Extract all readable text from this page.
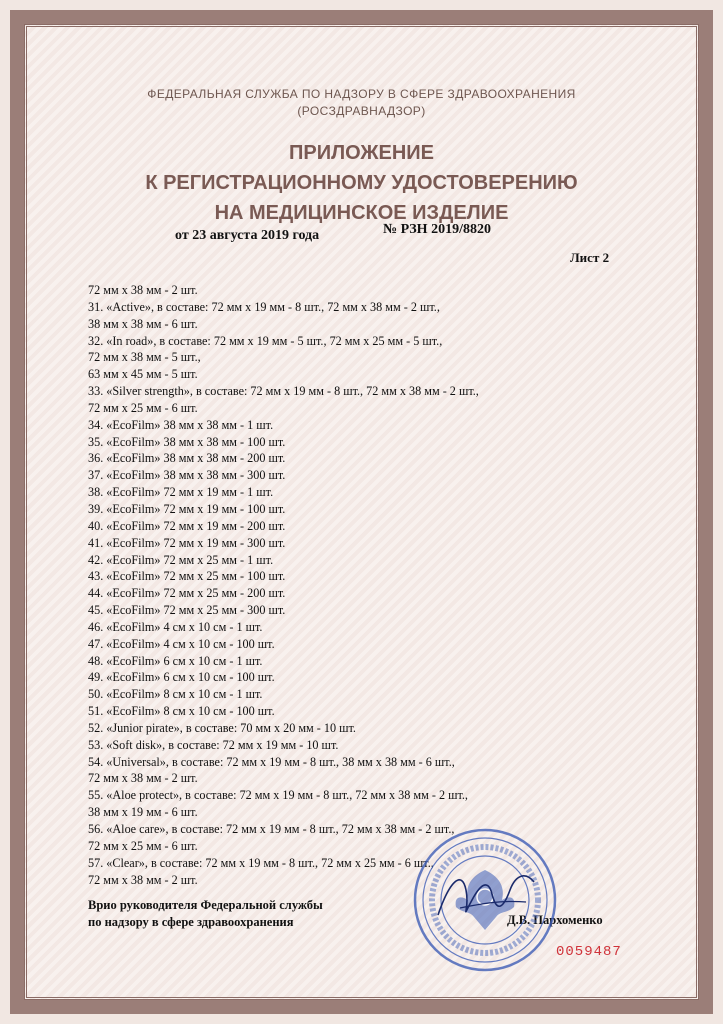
ФЕДЕРАЛЬНАЯ СЛУЖБА ПО НАДЗОРУ В СФЕРЕ ЗДРАВООХРАНЕНИЯ
(РОСЗДРАВНАДЗОР)
ПРИЛОЖЕНИЕ
К РЕГИСТРАЦИОННОМУ УДОСТОВЕРЕНИЮ
НА МЕДИЦИНСКОЕ ИЗДЕЛИЕ
от 23 августа 2019 года	№ РЗН 2019/8820
Лист 2
72 мм х 38 мм - 2 шт.
31. «Active», в составе: 72 мм х 19 мм - 8 шт., 72 мм х 38 мм - 2 шт.,
38 мм х 38 мм - 6 шт.
32. «In road», в составе: 72 мм х 19 мм - 5 шт., 72 мм х 25 мм - 5 шт.,
72 мм х 38 мм - 5 шт.,
63 мм х 45 мм - 5 шт.
33. «Silver strength», в составе: 72 мм х 19 мм - 8 шт., 72 мм х 38 мм - 2 шт.,
72 мм х 25 мм - 6 шт.
34. «EcoFilm» 38 мм х 38 мм - 1 шт.
35. «EcoFilm» 38 мм х 38 мм - 100 шт.
36. «EcoFilm» 38 мм х 38 мм - 200 шт.
37. «EcoFilm» 38 мм х 38 мм - 300 шт.
38. «EcoFilm» 72 мм х 19 мм - 1 шт.
39. «EcoFilm» 72 мм х 19 мм - 100 шт.
40. «EcoFilm» 72 мм х 19 мм - 200 шт.
41. «EcoFilm» 72 мм х 19 мм - 300 шт.
42. «EcoFilm» 72 мм х 25 мм - 1 шт.
43. «EcoFilm» 72 мм х 25 мм - 100 шт.
44. «EcoFilm» 72 мм х 25 мм - 200 шт.
45. «EcoFilm» 72 мм х 25 мм - 300 шт.
46. «EcoFilm» 4 см х 10 см - 1 шт.
47. «EcoFilm» 4 см х 10 см - 100 шт.
48. «EcoFilm» 6 см х 10 см - 1 шт.
49. «EcoFilm» 6 см х 10 см - 100 шт.
50. «EcoFilm» 8 см х 10 см - 1 шт.
51. «EcoFilm» 8 см х 10 см - 100 шт.
52. «Junior pirate», в составе: 70 мм х 20 мм - 10 шт.
53. «Soft disk», в составе: 72 мм х 19 мм - 10 шт.
54. «Universal», в составе: 72 мм х 19 мм - 8 шт., 38 мм х 38 мм - 6 шт.,
72 мм х 38 мм - 2 шт.
55. «Aloe protect», в составе: 72 мм х 19 мм - 8 шт., 72 мм х 38 мм - 2 шт.,
38 мм х 19 мм - 6 шт.
56. «Aloe care», в составе: 72 мм х 19 мм - 8 шт., 72 мм х 38 мм - 2 шт.,
72 мм х 25 мм - 6 шт.
57. «Clear», в составе: 72 мм х 19 мм - 8 шт., 72 мм х 25 мм - 6 шт.,
72 мм х 38 мм - 2 шт.
Врио руководителя Федеральной службы
по надзору в сфере здравоохранения	Д.В. Пархоменко
0059487
